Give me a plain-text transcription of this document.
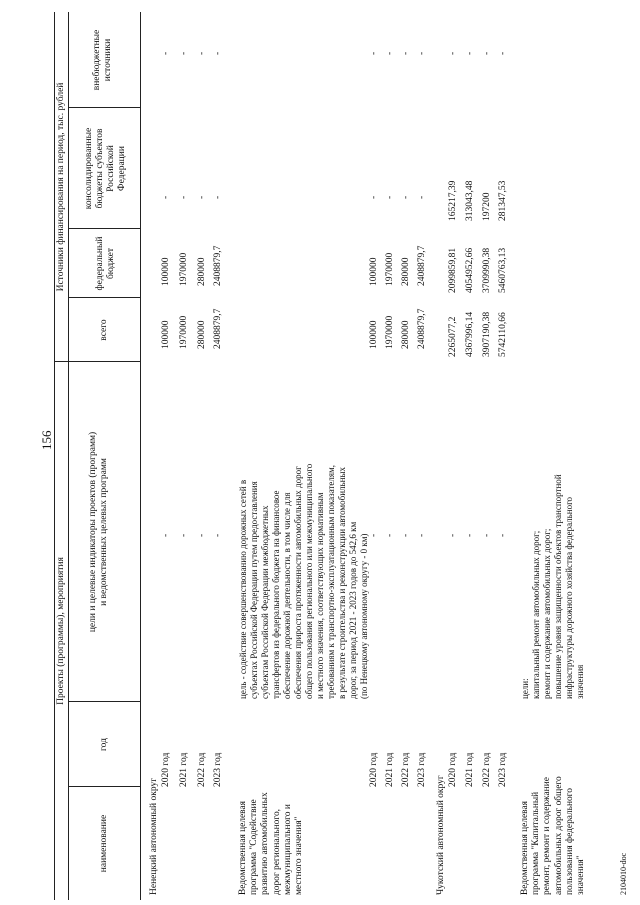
156
Проекты (программы), мероприятия
Источники финансирования на период, тыс. рублей
наименование
год
цели и целевые индикаторы проектов (программ)
и ведомственных целевых программ
всего
федеральный
бюджет
консолидированные
бюджеты субъектов
Российской
Федерации
внебюджетные
источники
Ненецкий автономный округ
2020 год 2021 год 2022 год 2023 год
- - - -
100000 1970000 280000 2408879,7
100000 1970000 280000 2408879,7
- - - -
- - - -
Ведомственная целевая
программа "Содействие
развитию автомобильных
дорог регионального,
межмуниципального и
местного значения"
цель - содействие совершенствованию дорожных сетей в
субъектах Российской Федерации путем предоставления
субъектам Российской Федерации межбюджетных
трансфертов из федерального бюджета на финансовое
обеспечение дорожной деятельности, в том числе для
обеспечения прироста протяженности автомобильных дорог
общего пользования регионального или межмуниципального
и местного значения, соответствующих нормативным
требованиям к транспортно-эксплуатационным показателям,
в результате строительства и реконструкции автомобильных
дорог, за период 2021 - 2023 годов до 542,6 км
(по Ненецкому автономному округу - 0 км)
2020 год 2021 год 2022 год 2023 год
- - - -
100000 1970000 280000 2408879,7
100000 1970000 280000 2408879,7
- - - -
- - - -
Чукотский автономный округ
2020 год 2021 год 2022 год 2023 год
- - - -
2265077,2 4367996,14 3907190,38 5742110,66
2099859,81 4054952,66 3709990,38 5460763,13
165217,39 313043,48 197200 281347,53
- - - -
Ведомственная целевая
программа "Капитальный
ремонт, ремонт и содержание
автомобильных дорог общего
пользования федерального
значения"
цели:
капитальный ремонт автомобильных дорог;
ремонт и содержание автомобильных дорог;
повышение уровня защищенности объектов транспортной
инфраструктуры дорожного хозяйства федерального
значения
2104010-doc
